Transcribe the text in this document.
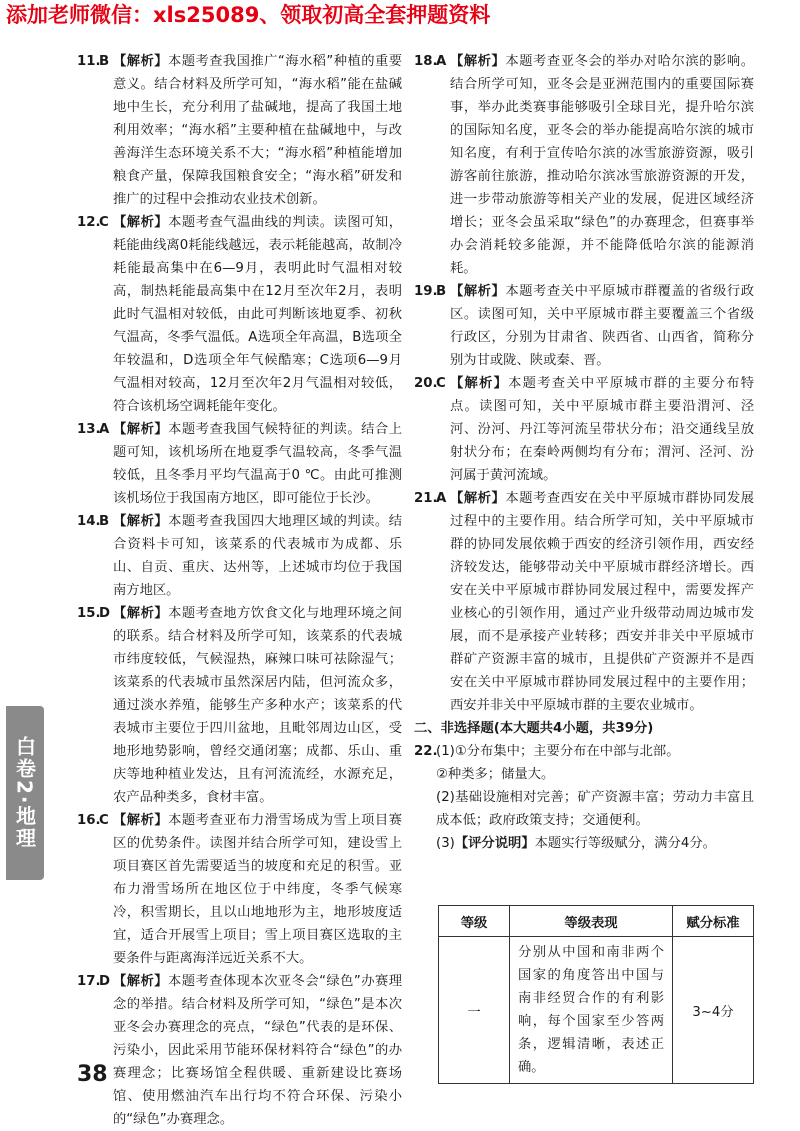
添加老师微信：xls25089、领取初高全套押题资料
11.
B 【解析】本题考查我国推广“海水稻”种植的重要意义。结合材料及所学可知，“海水稻”能在盐碱地中生长，充分利用了盐碱地，提高了我国土地利用效率；“海水稻”主要种植在盐碱地中，与改善海洋生态环境关系不大；“海水稻”种植能增加粮食产量，保障我国粮食安全；“海水稻”研发和推广的过程中会推动农业技术创新。
12.
C 【解析】本题考查气温曲线的判读。读图可知，耗能曲线离0耗能线越远，表示耗能越高，故制冷耗能最高集中在6—9月，表明此时气温相对较高，制热耗能最高集中在12月至次年2月，表明此时气温相对较低，由此可判断该地夏季、初秋气温高，冬季气温低。A选项全年高温，B选项全年较温和，D选项全年气候酷寒；C选项6—9月气温相对较高，12月至次年2月气温相对较低，符合该机场空调耗能年变化。
13.
A 【解析】本题考查我国气候特征的判读。结合上题可知，该机场所在地夏季气温较高，冬季气温较低，且冬季月平均气温高于0 ℃。由此可推测该机场位于我国南方地区，即可能位于长沙。
14.
B 【解析】本题考查我国四大地理区域的判读。结合资料卡可知，该菜系的代表城市为成都、乐山、自贡、重庆、达州等，上述城市均位于我国南方地区。
15.
D 【解析】本题考查地方饮食文化与地理环境之间的联系。结合材料及所学可知，该菜系的代表城市纬度较低，气候湿热，麻辣口味可祛除湿气；该菜系的代表城市虽然深居内陆，但河流众多，通过淡水养殖，能够生产多种水产；该菜系的代表城市主要位于四川盆地，且毗邻周边山区，受地形地势影响，曾经交通闭塞；成都、乐山、重庆等地种植业发达，且有河流流经，水源充足，农产品种类多，食材丰富。
16.
C 【解析】本题考查亚布力滑雪场成为雪上项目赛区的优势条件。读图并结合所学可知，建设雪上项目赛区首先需要适当的坡度和充足的积雪。亚布力滑雪场所在地区位于中纬度，冬季气候寒冷，积雪期长，且以山地地形为主，地形坡度适宜，适合开展雪上项目；雪上项目赛区选取的主要条件与距离海洋远近关系不大。
17.
D 【解析】本题考查体现本次亚冬会“绿色”办赛理念的举措。结合材料及所学可知，“绿色”是本次亚冬会办赛理念的亮点，“绿色”代表的是环保、污染小，因此采用节能环保材料符合“绿色”的办赛理念；比赛场馆全程供暖、重新建设比赛场馆、使用燃油汽车出行均不符合环保、污染小的“绿色”办赛理念。
18.
A 【解析】本题考查亚冬会的举办对哈尔滨的影响。结合所学可知，亚冬会是亚洲范围内的重要国际赛事，举办此类赛事能够吸引全球目光，提升哈尔滨的国际知名度，亚冬会的举办能提高哈尔滨的城市知名度，有利于宣传哈尔滨的冰雪旅游资源，吸引游客前往旅游，推动哈尔滨冰雪旅游资源的开发，进一步带动旅游等相关产业的发展，促进区域经济增长；亚冬会虽采取“绿色”的办赛理念，但赛事举办会消耗较多能源，并不能降低哈尔滨的能源消耗。
19.
B 【解析】本题考查关中平原城市群覆盖的省级行政区。读图可知，关中平原城市群主要覆盖三个省级行政区，分别为甘肃省、陕西省、山西省，简称分别为甘或陇、陕或秦、晋。
20.
C 【解析】本题考查关中平原城市群的主要分布特点。读图可知，关中平原城市群主要沿渭河、泾河、汾河、丹江等河流呈带状分布；沿交通线呈放射状分布；在秦岭两侧均有分布；渭河、泾河、汾河属于黄河流域。
21.
A 【解析】本题考查西安在关中平原城市群协同发展过程中的主要作用。结合所学可知，关中平原城市群的协同发展依赖于西安的经济引领作用，西安经济较发达，能够带动关中平原城市群经济增长。西安在关中平原城市群协同发展过程中，需要发挥产业核心的引领作用，通过产业升级带动周边城市发展，而不是承接产业转移；西安并非关中平原城市群矿产资源丰富的城市，且提供矿产资源并不是西安在关中平原城市群协同发展过程中的主要作用；西安并非关中平原城市群的主要农业城市。
二、非选择题(本大题共4小题，共39分)
22.
(1)①分布集中；主要分布在中部与北部。
②种类多；储量大。
(2)基础设施相对完善；矿产资源丰富；劳动力丰富且成本低；政府政策支持；交通便利。
(3)【评分说明】本题实行等级赋分，满分4分。
等级	等级表现	赋分标准
一	分别从中国和南非两个国家的角度答出中国与南非经贸合作的有利影响，每个国家至少答两条，逻辑清晰，表述正确。	3~4分
白卷2·地理
38
